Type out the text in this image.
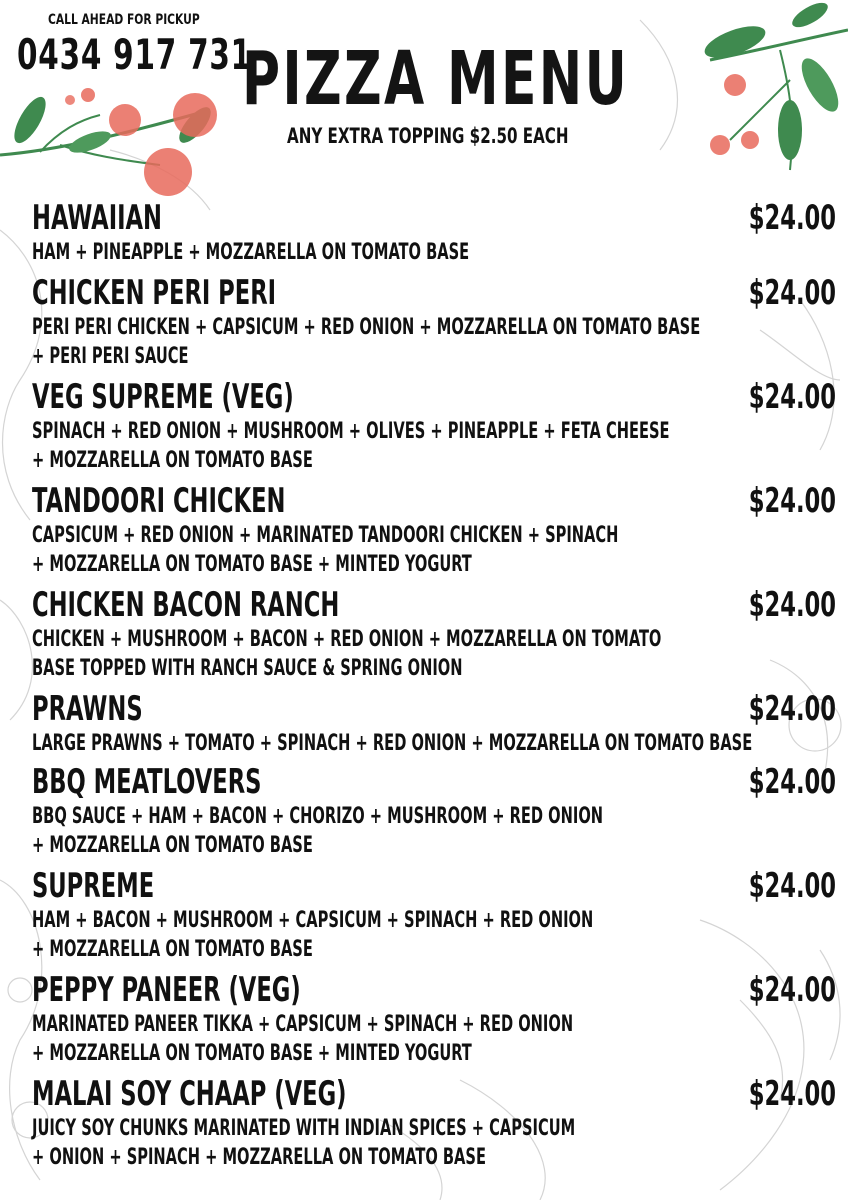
CALL AHEAD FOR PICKUP
0434 917 731
PIZZA MENU
ANY EXTRA TOPPING $2.50 EACH
HAWAIIAN	$24.00
HAM + PINEAPPLE + MOZZARELLA ON TOMATO BASE
CHICKEN PERI PERI	$24.00
PERI PERI CHICKEN + CAPSICUM + RED ONION + MOZZARELLA ON TOMATO BASE
+ PERI PERI SAUCE
VEG SUPREME (VEG)	$24.00
SPINACH + RED ONION + MUSHROOM + OLIVES + PINEAPPLE + FETA CHEESE
+ MOZZARELLA ON TOMATO BASE
TANDOORI CHICKEN	$24.00
CAPSICUM + RED ONION + MARINATED TANDOORI CHICKEN + SPINACH
+ MOZZARELLA ON TOMATO BASE + MINTED YOGURT
CHICKEN BACON RANCH	$24.00
CHICKEN + MUSHROOM + BACON + RED ONION + MOZZARELLA ON TOMATO
BASE TOPPED WITH RANCH SAUCE & SPRING ONION
PRAWNS	$24.00
LARGE PRAWNS + TOMATO + SPINACH + RED ONION + MOZZARELLA ON TOMATO BASE
BBQ MEATLOVERS	$24.00
BBQ SAUCE + HAM + BACON + CHORIZO + MUSHROOM + RED ONION
+ MOZZARELLA ON TOMATO BASE
SUPREME	$24.00
HAM + BACON + MUSHROOM + CAPSICUM + SPINACH + RED ONION
+ MOZZARELLA ON TOMATO BASE
PEPPY PANEER (VEG)	$24.00
MARINATED PANEER TIKKA + CAPSICUM + SPINACH + RED ONION
+ MOZZARELLA ON TOMATO BASE + MINTED YOGURT
MALAI SOY CHAAP (VEG)	$24.00
JUICY SOY CHUNKS MARINATED WITH INDIAN SPICES + CAPSICUM
+ ONION + SPINACH + MOZZARELLA ON TOMATO BASE
